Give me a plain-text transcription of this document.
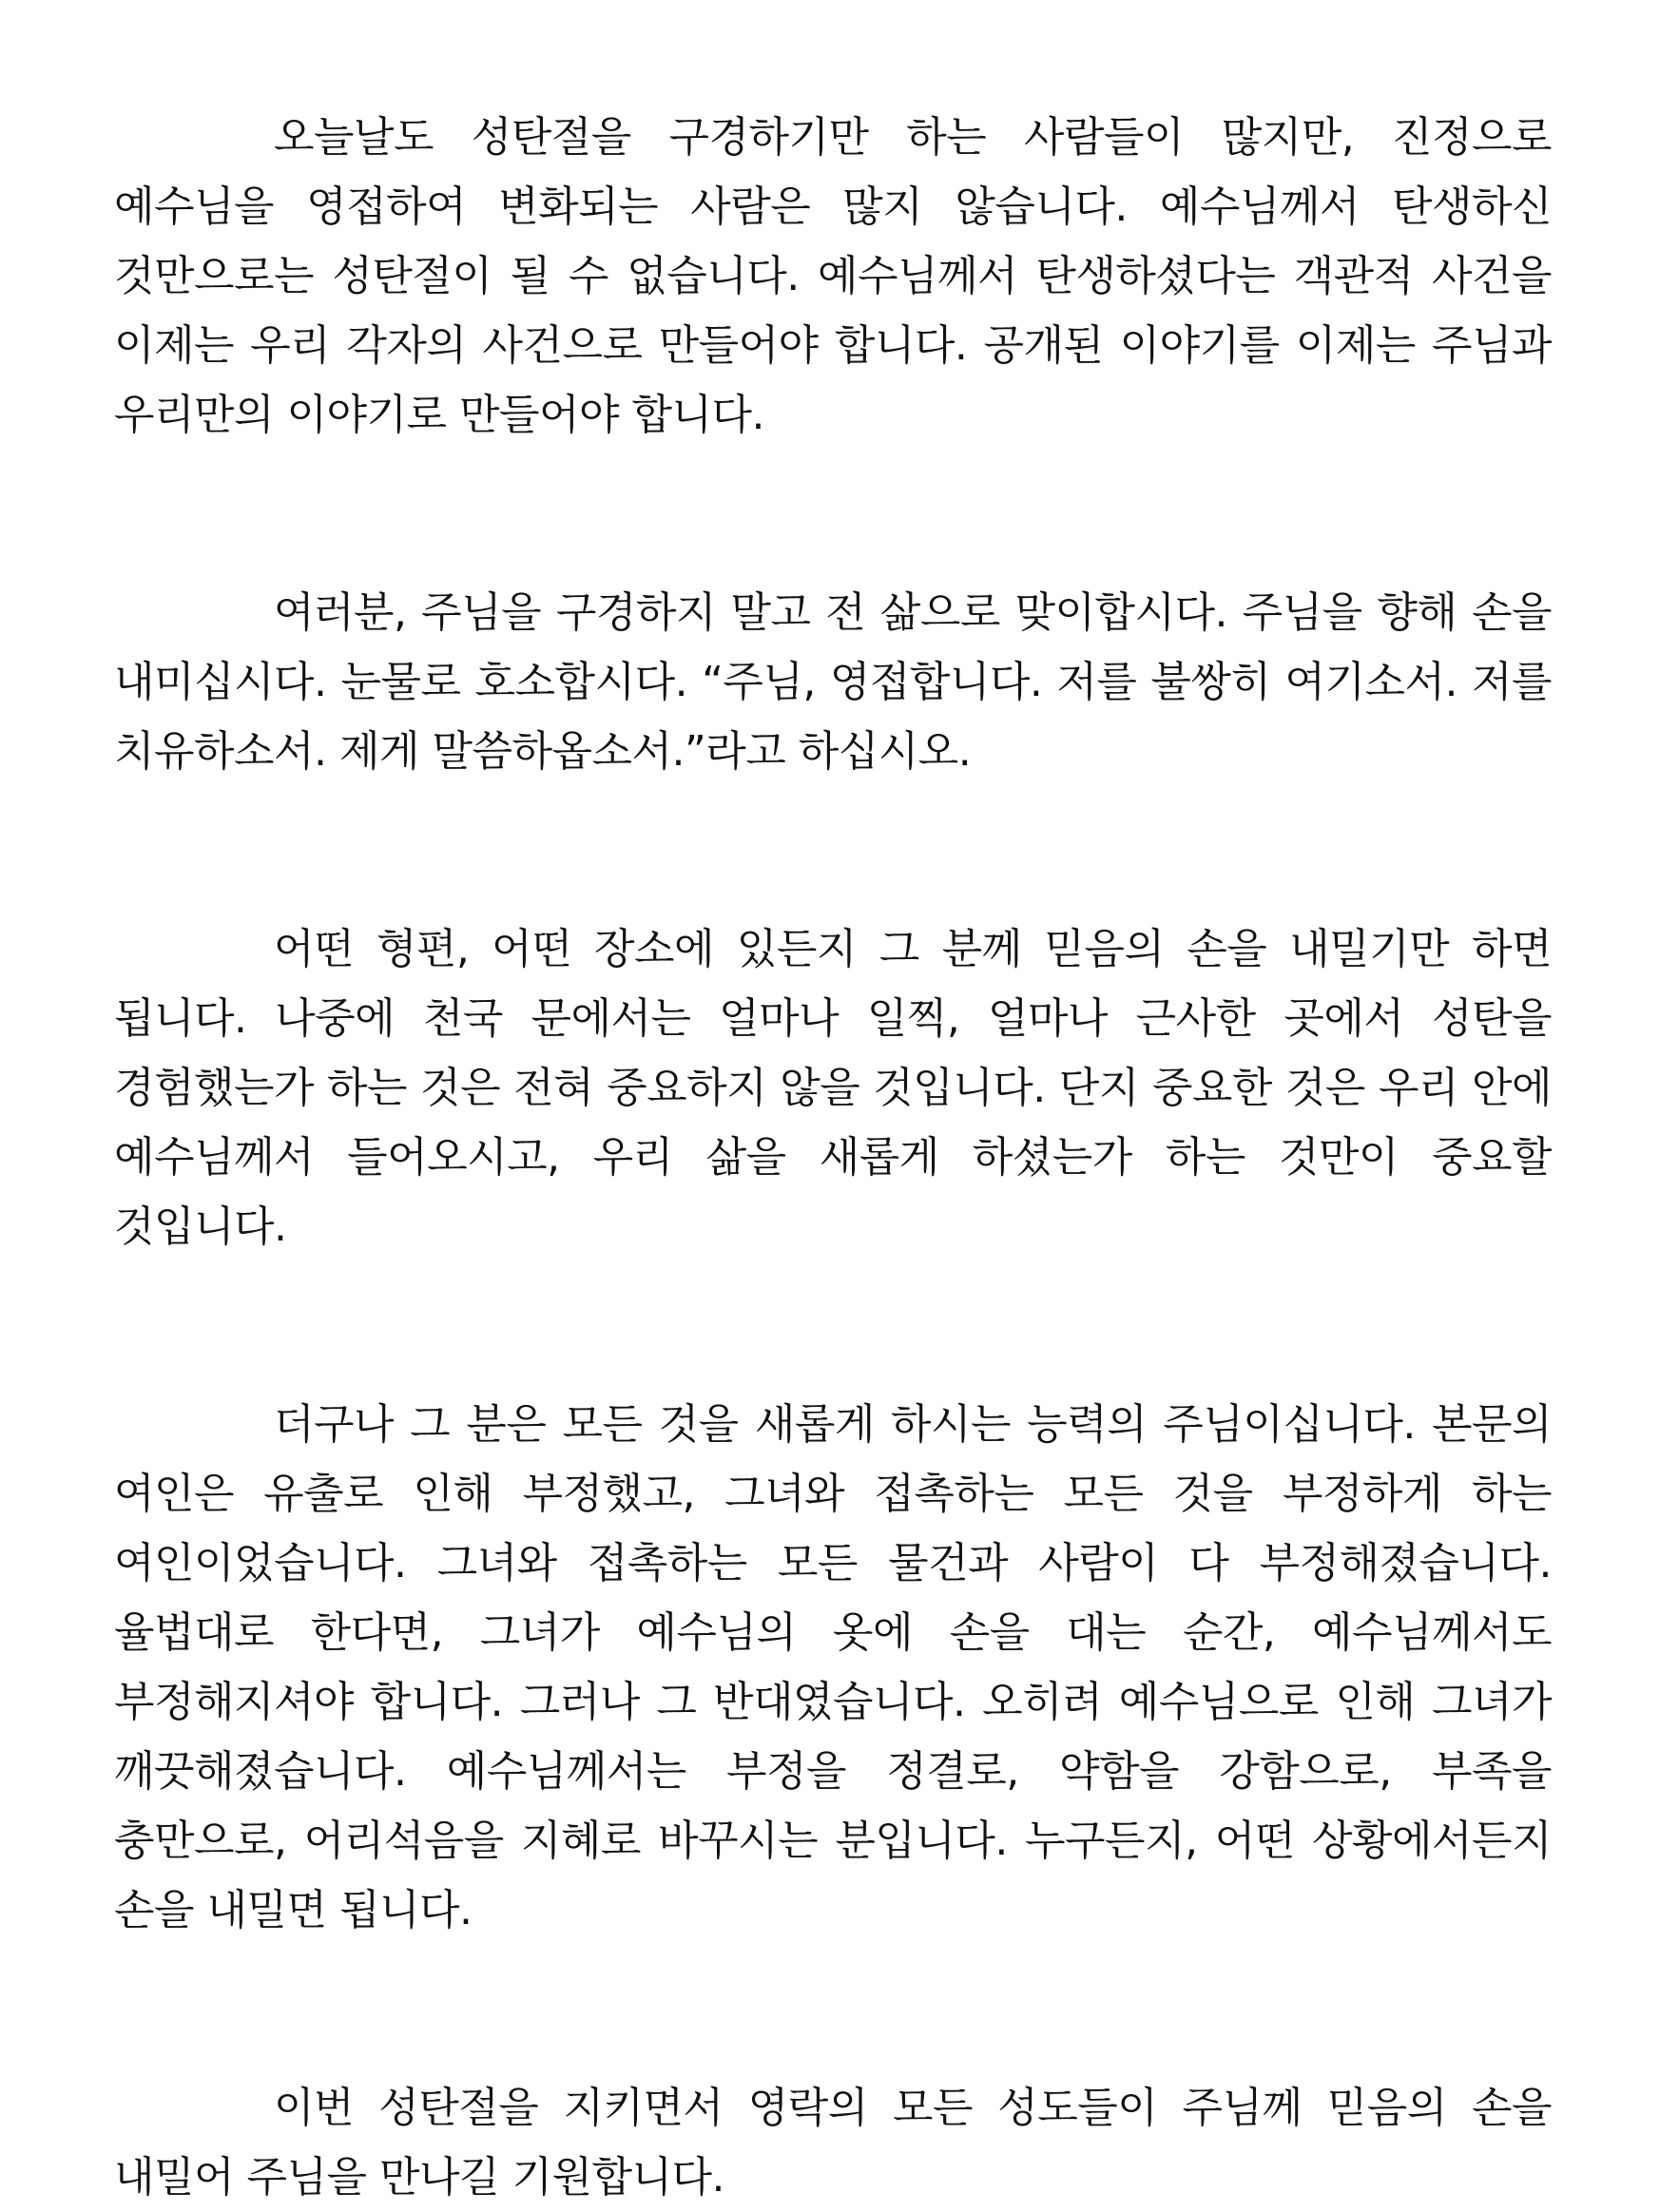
오늘날도 성탄절을 구경하기만 하는 사람들이 많지만, 진정으로 예수님을 영접하여 변화되는 사람은 많지 않습니다. 예수님께서 탄생하신 것만으로는 성탄절이 될 수 없습니다. 예수님께서 탄생하셨다는 객관적 사건을 이제는 우리 각자의 사건으로 만들어야 합니다. 공개된 이야기를 이제는 주님과 우리만의 이야기로 만들어야 합니다.

여러분, 주님을 구경하지 말고 전 삶으로 맞이합시다. 주님을 향해 손을 내미십시다. 눈물로 호소합시다. “주님, 영접합니다. 저를 불쌍히 여기소서. 저를 치유하소서. 제게 말씀하옵소서.”라고 하십시오.

어떤 형편, 어떤 장소에 있든지 그 분께 믿음의 손을 내밀기만 하면 됩니다. 나중에 천국 문에서는 얼마나 일찍, 얼마나 근사한 곳에서 성탄을 경험했는가 하는 것은 전혀 중요하지 않을 것입니다. 단지 중요한 것은 우리 안에 예수님께서 들어오시고, 우리 삶을 새롭게 하셨는가 하는 것만이 중요할 것입니다.

더구나 그 분은 모든 것을 새롭게 하시는 능력의 주님이십니다. 본문의 여인은 유출로 인해 부정했고, 그녀와 접촉하는 모든 것을 부정하게 하는 여인이었습니다. 그녀와 접촉하는 모든 물건과 사람이 다 부정해졌습니다. 율법대로 한다면, 그녀가 예수님의 옷에 손을 대는 순간, 예수님께서도 부정해지셔야 합니다. 그러나 그 반대였습니다. 오히려 예수님으로 인해 그녀가 깨끗해졌습니다. 예수님께서는 부정을 정결로, 약함을 강함으로, 부족을 충만으로, 어리석음을 지혜로 바꾸시는 분입니다. 누구든지, 어떤 상황에서든지 손을 내밀면 됩니다.

이번 성탄절을 지키면서 영락의 모든 성도들이 주님께 믿음의 손을 내밀어 주님을 만나길 기원합니다.
